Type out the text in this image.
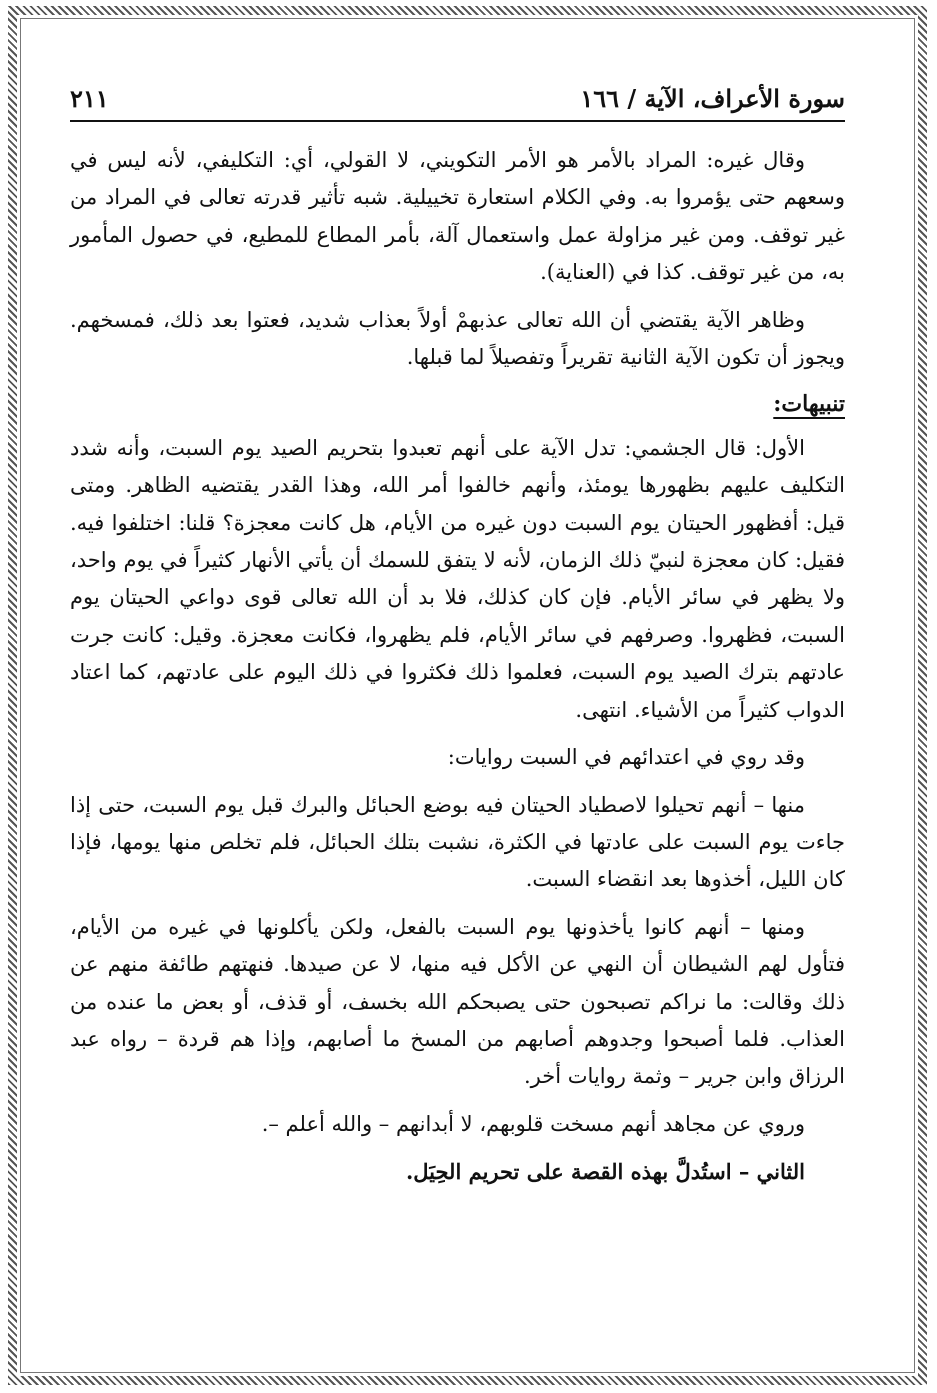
سورة الأعراف، الآية / ١٦٦
٢١١

وقال غيره: المراد بالأمر هو الأمر التكويني، لا القولي، أي: التكليفي، لأنه ليس في وسعهم حتى يؤمروا به. وفي الكلام استعارة تخييلية. شبه تأثير قدرته تعالى في المراد من غير توقف. ومن غير مزاولة عمل واستعمال آلة، بأمر المطاع للمطيع، في حصول المأمور به، من غير توقف. كذا في (العناية).

وظاهر الآية يقتضي أن الله تعالى عذبهمْ أولاً بعذاب شديد، فعتوا بعد ذلك، فمسخهم. ويجوز أن تكون الآية الثانية تقريراً وتفصيلاً لما قبلها.

تنبيهات:

الأول: قال الجشمي: تدل الآية على أنهم تعبدوا بتحريم الصيد يوم السبت، وأنه شدد التكليف عليهم بظهورها يومئذ، وأنهم خالفوا أمر الله، وهذا القدر يقتضيه الظاهر. ومتى قيل: أفظهور الحيتان يوم السبت دون غيره من الأيام، هل كانت معجزة؟ قلنا: اختلفوا فيه. فقيل: كان معجزة لنبيّ ذلك الزمان، لأنه لا يتفق للسمك أن يأتي الأنهار كثيراً في يوم واحد، ولا يظهر في سائر الأيام. فإن كان كذلك، فلا بد أن الله تعالى قوى دواعي الحيتان يوم السبت، فظهروا. وصرفهم في سائر الأيام، فلم يظهروا، فكانت معجزة. وقيل: كانت جرت عادتهم بترك الصيد يوم السبت، فعلموا ذلك فكثروا في ذلك اليوم على عادتهم، كما اعتاد الدواب كثيراً من الأشياء. انتهى.

وقد روي في اعتدائهم في السبت روايات:

منها – أنهم تحيلوا لاصطياد الحيتان فيه بوضع الحبائل والبرك قبل يوم السبت، حتى إذا جاءت يوم السبت على عادتها في الكثرة، نشبت بتلك الحبائل، فلم تخلص منها يومها، فإذا كان الليل، أخذوها بعد انقضاء السبت.

ومنها – أنهم كانوا يأخذونها يوم السبت بالفعل، ولكن يأكلونها في غيره من الأيام، فتأول لهم الشيطان أن النهي عن الأكل فيه منها، لا عن صيدها. فنهتهم طائفة منهم عن ذلك وقالت: ما نراكم تصبحون حتى يصبحكم الله بخسف، أو قذف، أو بعض ما عنده من العذاب. فلما أصبحوا وجدوهم أصابهم من المسخ ما أصابهم، وإذا هم قردة – رواه عبد الرزاق وابن جرير – وثمة روايات أخر.

وروي عن مجاهد أنهم مسخت قلوبهم، لا أبدانهم – والله أعلم –.

الثاني – استُدلَّ بهذه القصة على تحريم الحِيَل.
